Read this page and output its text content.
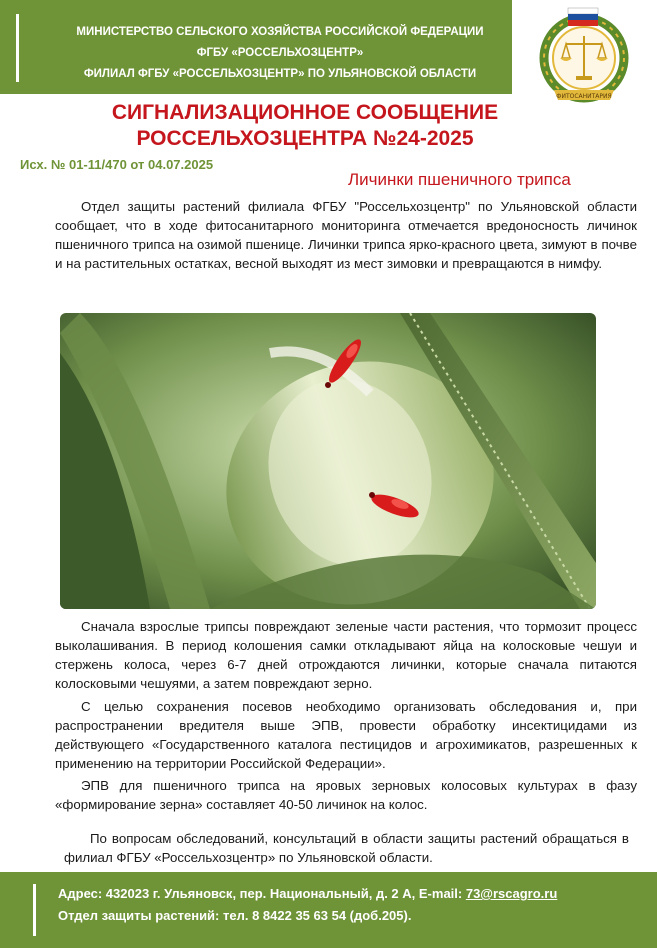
МИНИСТЕРСТВО СЕЛЬСКОГО ХОЗЯЙСТВА РОССИЙСКОЙ ФЕДЕРАЦИИ
ФГБУ «РОССЕЛЬХОЗЦЕНТР»
ФИЛИАЛ ФГБУ «РОССЕЛЬХОЗЦЕНТР» ПО УЛЬЯНОВСКОЙ ОБЛАСТИ
ФИТОСАНИТАРИЯ
СИГНАЛИЗАЦИОННОЕ СООБЩЕНИЕ
РОССЕЛЬХОЗЦЕНТРА №24-2025
Исх. № 01-11/470 от 04.07.2025
Личинки пшеничного трипса

Отдел защиты растений филиала ФГБУ "Россельхозцентр" по Ульяновской области сообщает, что в ходе фитосанитарного мониторинга отмечается вредоносность личинок пшеничного трипса на озимой пшенице. Личинки трипса ярко-красного цвета, зимуют в почве и на растительных остатках, весной выходят из мест зимовки и превращаются в нимфу.

Сначала взрослые трипсы повреждают зеленые части растения, что тормозит процесс выколашивания. В период колошения самки откладывают яйца на колосковые чешуи и стержень колоса, через 6-7 дней отрождаются личинки, которые сначала питаются колосковыми чешуями, а затем повреждают зерно.

С целью сохранения посевов необходимо организовать обследования и, при распространении вредителя выше ЭПВ, провести обработку инсектицидами из действующего «Государственного каталога пестицидов и агрохимикатов, разрешенных к применению на территории Российской Федерации».

ЭПВ для пшеничного трипса на яровых зерновых колосовых культурах в фазу «формирование зерна» составляет 40-50 личинок на колос.

По вопросам обследований, консультаций в области защиты растений обращаться в филиал ФГБУ «Россельхозцентр» по Ульяновской области.

Адрес: 432023 г. Ульяновск, пер. Национальный, д. 2 А, E-mail: 73@rscagro.ru
Отдел защиты растений: тел. 8 8422 35 63 54 (доб.205).
